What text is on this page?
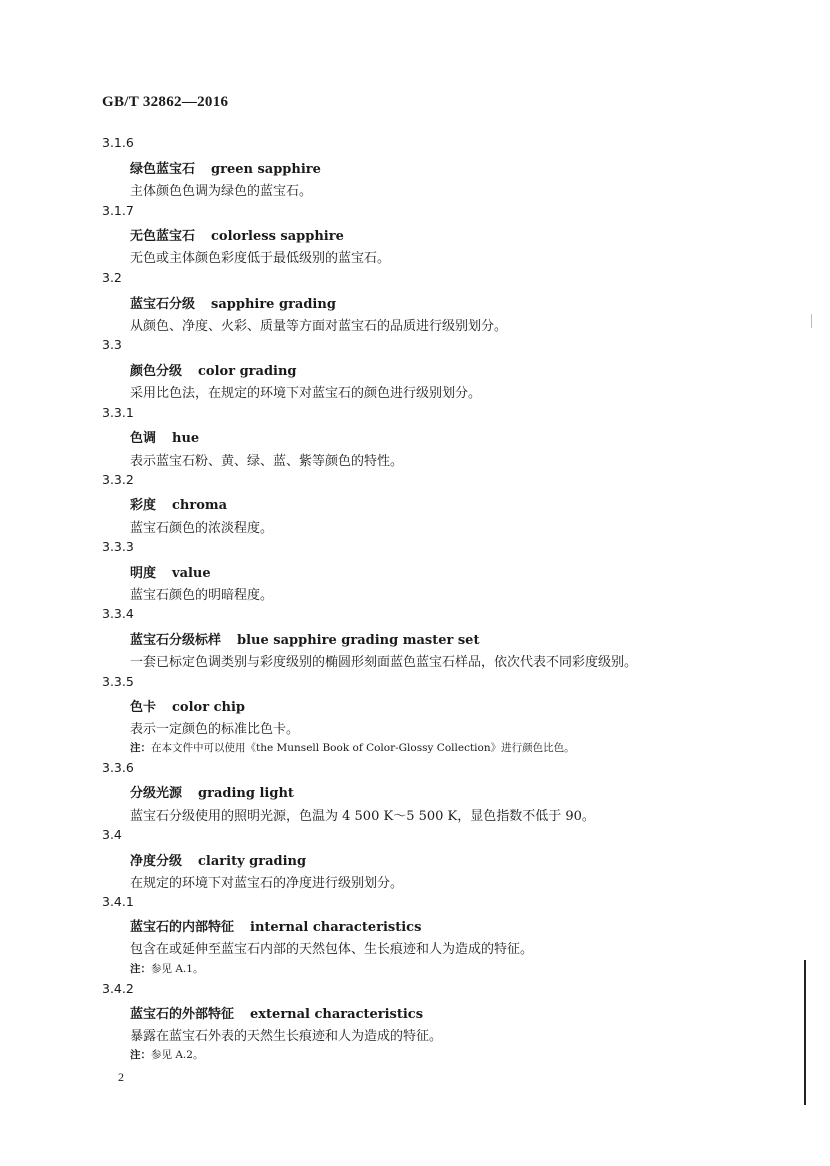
GB/T 32862—2016
3.1.6
绿色蓝宝石 green sapphire
主体颜色色调为绿色的蓝宝石。
3.1.7
无色蓝宝石 colorless sapphire
无色或主体颜色彩度低于最低级别的蓝宝石。
3.2
蓝宝石分级 sapphire grading
从颜色、净度、火彩、质量等方面对蓝宝石的品质进行级别划分。
3.3
颜色分级 color grading
采用比色法，在规定的环境下对蓝宝石的颜色进行级别划分。
3.3.1
色调 hue
表示蓝宝石粉、黄、绿、蓝、紫等颜色的特性。
3.3.2
彩度 chroma
蓝宝石颜色的浓淡程度。
3.3.3
明度 value
蓝宝石颜色的明暗程度。
3.3.4
蓝宝石分级标样 blue sapphire grading master set
一套已标定色调类别与彩度级别的椭圆形刻面蓝色蓝宝石样品，依次代表不同彩度级别。
3.3.5
色卡 color chip
表示一定颜色的标准比色卡。
注：在本文件中可以使用《the Munsell Book of Color-Glossy Collection》进行颜色比色。
3.3.6
分级光源 grading light
蓝宝石分级使用的照明光源，色温为 4 500 K～5 500 K，显色指数不低于 90。
3.4
净度分级 clarity grading
在规定的环境下对蓝宝石的净度进行级别划分。
3.4.1
蓝宝石的内部特征 internal characteristics
包含在或延伸至蓝宝石内部的天然包体、生长痕迹和人为造成的特征。
注：参见 A.1。
3.4.2
蓝宝石的外部特征 external characteristics
暴露在蓝宝石外表的天然生长痕迹和人为造成的特征。
注：参见 A.2。
2
